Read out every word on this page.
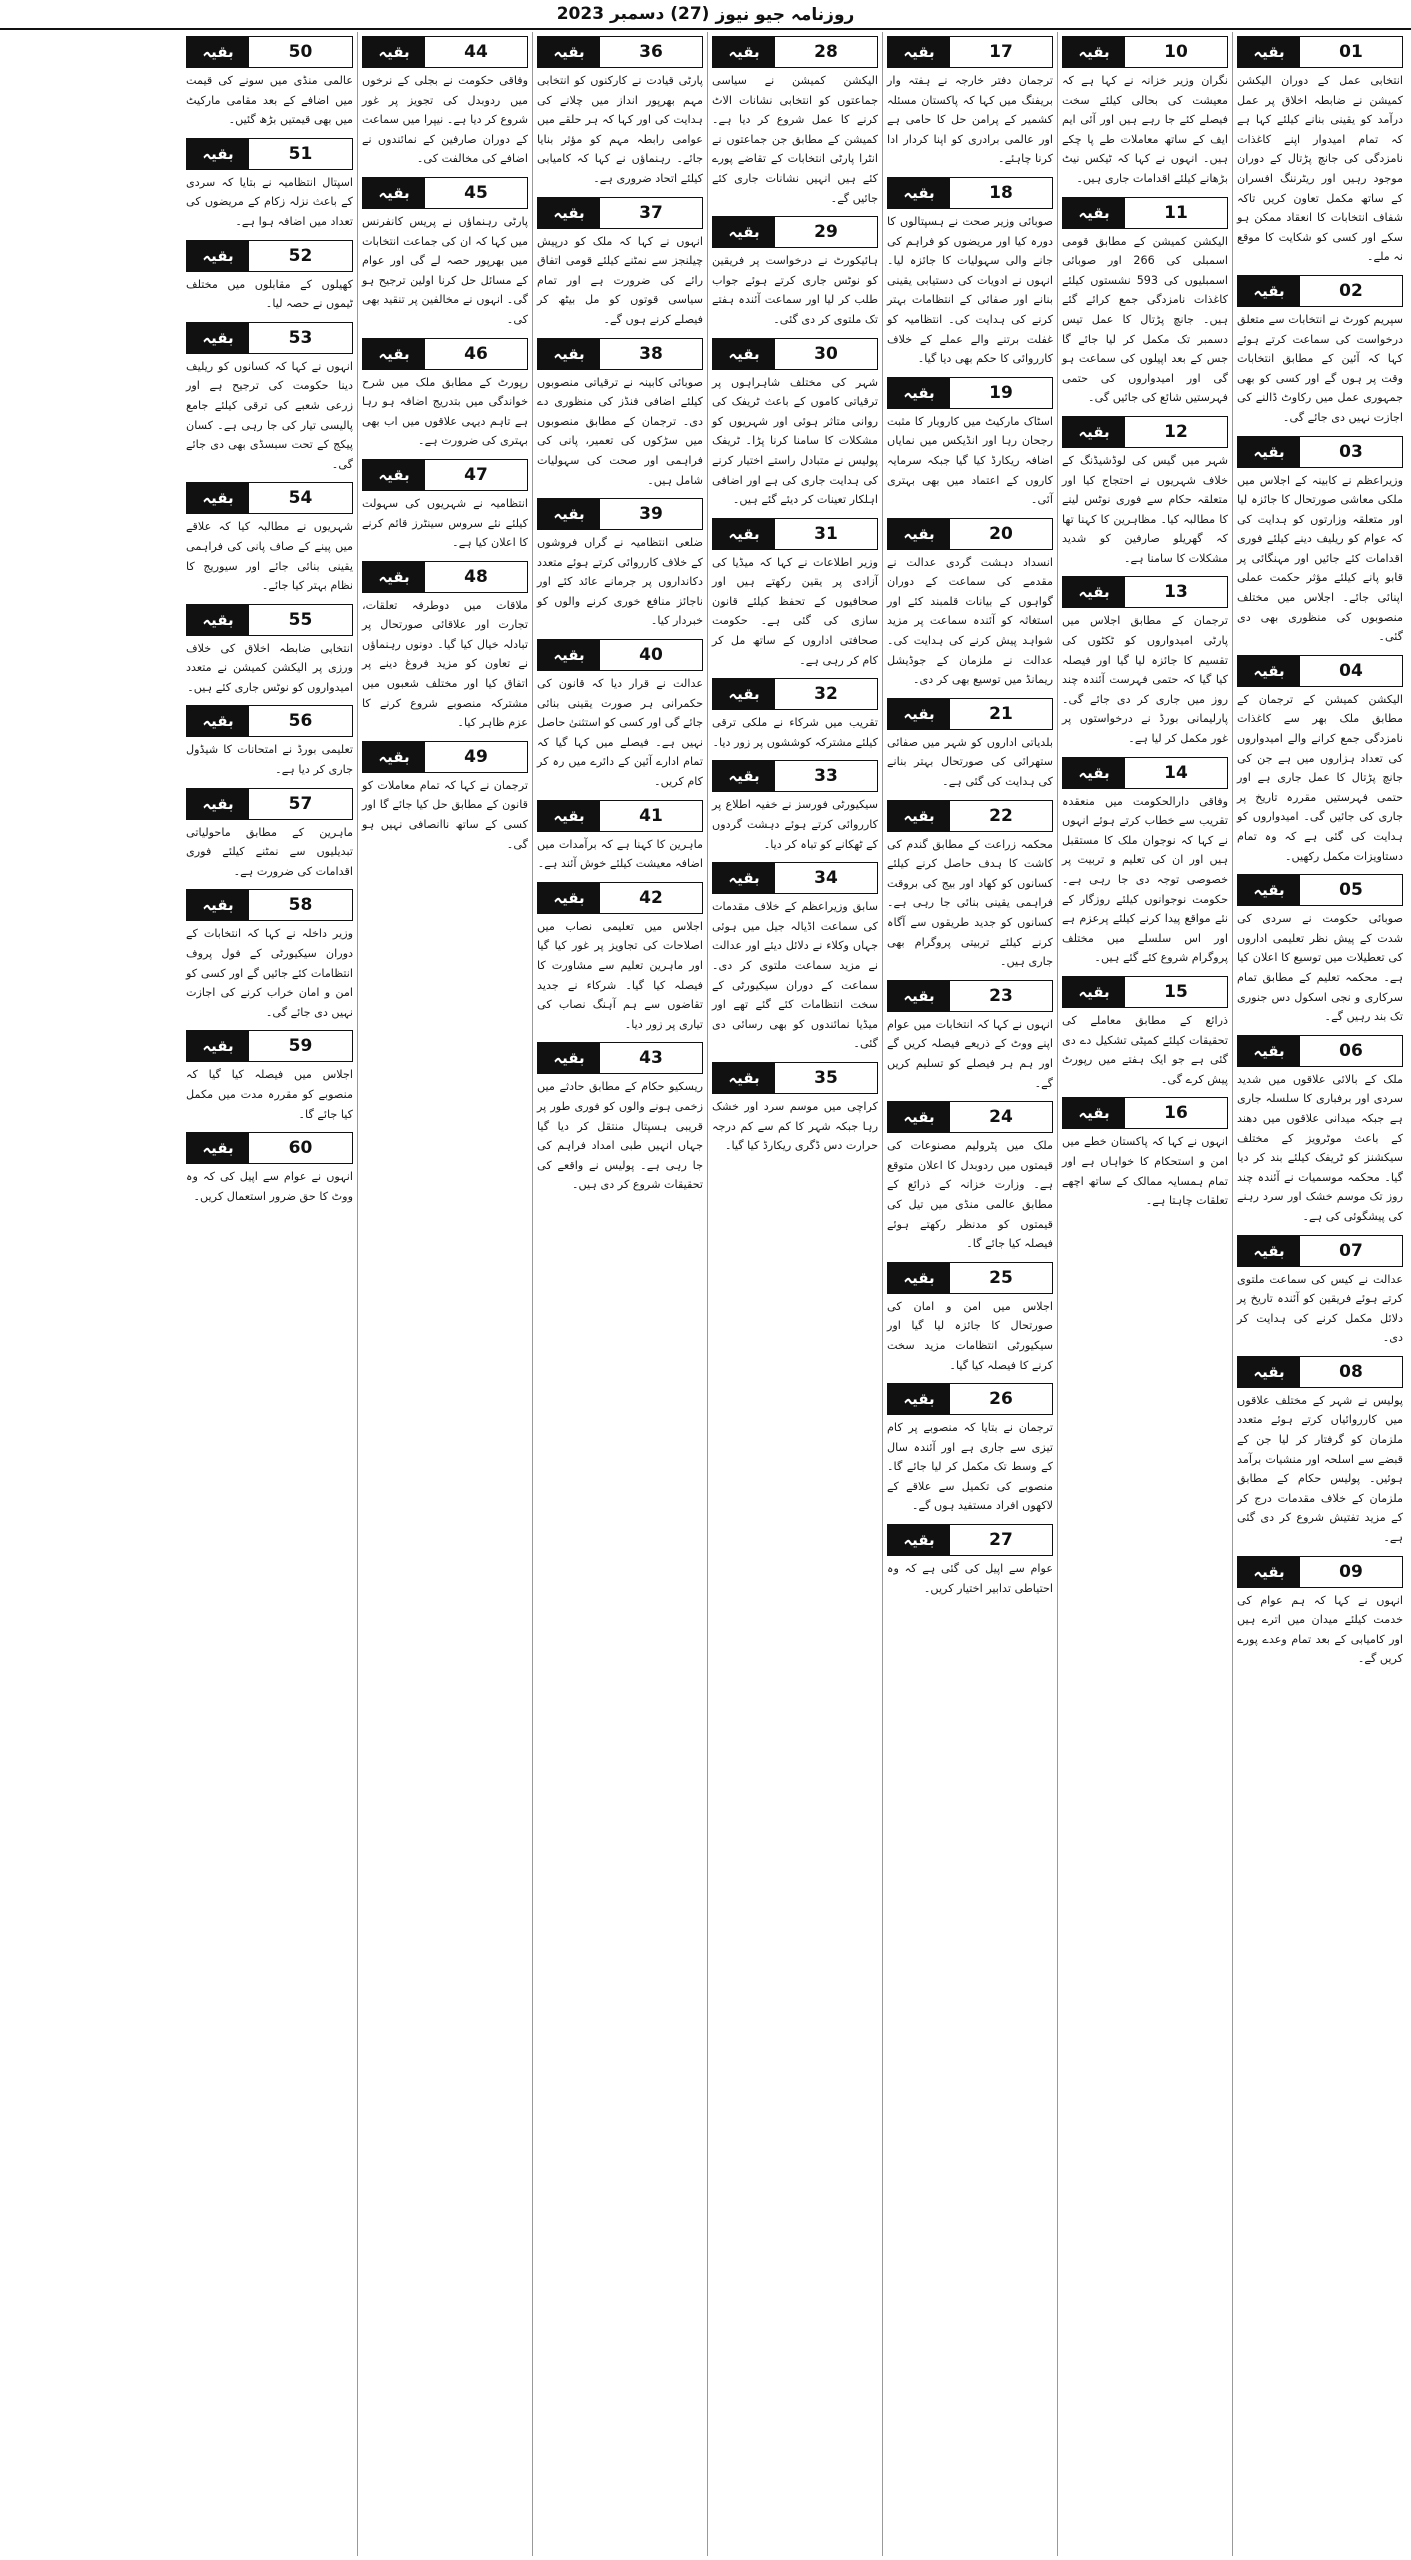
روزنامہ جیو نیوز
(27) دسمبر 2023
بقیہ	01

انتخابی عمل کے دوران الیکشن کمیشن نے ضابطہ اخلاق پر عمل درآمد کو یقینی بنانے کیلئے کہا ہے کہ تمام امیدوار اپنے کاغذات نامزدگی کی جانچ پڑتال کے دوران موجود رہیں اور ریٹرننگ افسران کے ساتھ مکمل تعاون کریں تاکہ شفاف انتخابات کا انعقاد ممکن ہو سکے اور کسی کو شکایت کا موقع نہ ملے۔

بقیہ	02

سپریم کورٹ نے انتخابات سے متعلق درخواست کی سماعت کرتے ہوئے کہا کہ آئین کے مطابق انتخابات وقت پر ہوں گے اور کسی کو بھی جمہوری عمل میں رکاوٹ ڈالنے کی اجازت نہیں دی جائے گی۔

بقیہ	03

وزیراعظم نے کابینہ کے اجلاس میں ملکی معاشی صورتحال کا جائزہ لیا اور متعلقہ وزارتوں کو ہدایت کی کہ عوام کو ریلیف دینے کیلئے فوری اقدامات کئے جائیں اور مہنگائی پر قابو پانے کیلئے مؤثر حکمت عملی اپنائی جائے۔ اجلاس میں مختلف منصوبوں کی منظوری بھی دی گئی۔

بقیہ	04

الیکشن کمیشن کے ترجمان کے مطابق ملک بھر سے کاغذات نامزدگی جمع کرانے والے امیدواروں کی تعداد ہزاروں میں ہے جن کی جانچ پڑتال کا عمل جاری ہے اور حتمی فہرستیں مقررہ تاریخ پر جاری کی جائیں گی۔ امیدواروں کو ہدایت کی گئی ہے کہ وہ تمام دستاویزات مکمل رکھیں۔

بقیہ	05

صوبائی حکومت نے سردی کی شدت کے پیش نظر تعلیمی اداروں کی تعطیلات میں توسیع کا اعلان کیا ہے۔ محکمہ تعلیم کے مطابق تمام سرکاری و نجی اسکول دس جنوری تک بند رہیں گے۔

بقیہ	06

ملک کے بالائی علاقوں میں شدید سردی اور برفباری کا سلسلہ جاری ہے جبکہ میدانی علاقوں میں دھند کے باعث موٹرویز کے مختلف سیکشنز کو ٹریفک کیلئے بند کر دیا گیا۔ محکمہ موسمیات نے آئندہ چند روز تک موسم خشک اور سرد رہنے کی پیشگوئی کی ہے۔

بقیہ	07

عدالت نے کیس کی سماعت ملتوی کرتے ہوئے فریقین کو آئندہ تاریخ پر دلائل مکمل کرنے کی ہدایت کر دی۔

بقیہ	08

پولیس نے شہر کے مختلف علاقوں میں کارروائیاں کرتے ہوئے متعدد ملزمان کو گرفتار کر لیا جن کے قبضے سے اسلحہ اور منشیات برآمد ہوئیں۔ پولیس حکام کے مطابق ملزمان کے خلاف مقدمات درج کر کے مزید تفتیش شروع کر دی گئی ہے۔

بقیہ	09

انہوں نے کہا کہ ہم عوام کی خدمت کیلئے میدان میں اترے ہیں اور کامیابی کے بعد تمام وعدے پورے کریں گے۔

بقیہ	10

نگران وزیر خزانہ نے کہا ہے کہ معیشت کی بحالی کیلئے سخت فیصلے کئے جا رہے ہیں اور آئی ایم ایف کے ساتھ معاملات طے پا چکے ہیں۔ انہوں نے کہا کہ ٹیکس نیٹ بڑھانے کیلئے اقدامات جاری ہیں۔

بقیہ	11

الیکشن کمیشن کے مطابق قومی اسمبلی کی 266 اور صوبائی اسمبلیوں کی 593 نشستوں کیلئے کاغذات نامزدگی جمع کرائے گئے ہیں۔ جانچ پڑتال کا عمل تیس دسمبر تک مکمل کر لیا جائے گا جس کے بعد اپیلوں کی سماعت ہو گی اور امیدواروں کی حتمی فہرستیں شائع کی جائیں گی۔

بقیہ	12

شہر میں گیس کی لوڈشیڈنگ کے خلاف شہریوں نے احتجاج کیا اور متعلقہ حکام سے فوری نوٹس لینے کا مطالبہ کیا۔ مظاہرین کا کہنا تھا کہ گھریلو صارفین کو شدید مشکلات کا سامنا ہے۔

بقیہ	13

ترجمان کے مطابق اجلاس میں پارٹی امیدواروں کو ٹکٹوں کی تقسیم کا جائزہ لیا گیا اور فیصلہ کیا گیا کہ حتمی فہرست آئندہ چند روز میں جاری کر دی جائے گی۔ پارلیمانی بورڈ نے درخواستوں پر غور مکمل کر لیا ہے۔

بقیہ	14

وفاقی دارالحکومت میں منعقدہ تقریب سے خطاب کرتے ہوئے انہوں نے کہا کہ نوجوان ملک کا مستقبل ہیں اور ان کی تعلیم و تربیت پر خصوصی توجہ دی جا رہی ہے۔ حکومت نوجوانوں کیلئے روزگار کے نئے مواقع پیدا کرنے کیلئے پرعزم ہے اور اس سلسلے میں مختلف پروگرام شروع کئے گئے ہیں۔

بقیہ	15

ذرائع کے مطابق معاملے کی تحقیقات کیلئے کمیٹی تشکیل دے دی گئی ہے جو ایک ہفتے میں رپورٹ پیش کرے گی۔

بقیہ	16

انہوں نے کہا کہ پاکستان خطے میں امن و استحکام کا خواہاں ہے اور تمام ہمسایہ ممالک کے ساتھ اچھے تعلقات چاہتا ہے۔

بقیہ	17

ترجمان دفتر خارجہ نے ہفتہ وار بریفنگ میں کہا کہ پاکستان مسئلہ کشمیر کے پرامن حل کا حامی ہے اور عالمی برادری کو اپنا کردار ادا کرنا چاہئے۔

بقیہ	18

صوبائی وزیر صحت نے ہسپتالوں کا دورہ کیا اور مریضوں کو فراہم کی جانے والی سہولیات کا جائزہ لیا۔ انہوں نے ادویات کی دستیابی یقینی بنانے اور صفائی کے انتظامات بہتر کرنے کی ہدایت کی۔ انتظامیہ کو غفلت برتنے والے عملے کے خلاف کارروائی کا حکم بھی دیا گیا۔

بقیہ	19

اسٹاک مارکیٹ میں کاروبار کا مثبت رجحان رہا اور انڈیکس میں نمایاں اضافہ ریکارڈ کیا گیا جبکہ سرمایہ کاروں کے اعتماد میں بھی بہتری آئی۔

بقیہ	20

انسداد دہشت گردی عدالت نے مقدمے کی سماعت کے دوران گواہوں کے بیانات قلمبند کئے اور استغاثہ کو آئندہ سماعت پر مزید شواہد پیش کرنے کی ہدایت کی۔ عدالت نے ملزمان کے جوڈیشل ریمانڈ میں توسیع بھی کر دی۔

بقیہ	21

بلدیاتی اداروں کو شہر میں صفائی ستھرائی کی صورتحال بہتر بنانے کی ہدایت کی گئی ہے۔

بقیہ	22

محکمہ زراعت کے مطابق گندم کی کاشت کا ہدف حاصل کرنے کیلئے کسانوں کو کھاد اور بیج کی بروقت فراہمی یقینی بنائی جا رہی ہے۔ کسانوں کو جدید طریقوں سے آگاہ کرنے کیلئے تربیتی پروگرام بھی جاری ہیں۔

بقیہ	23

انہوں نے کہا کہ انتخابات میں عوام اپنے ووٹ کے ذریعے فیصلہ کریں گے اور ہم ہر فیصلے کو تسلیم کریں گے۔

بقیہ	24

ملک میں پٹرولیم مصنوعات کی قیمتوں میں ردوبدل کا اعلان متوقع ہے۔ وزارت خزانہ کے ذرائع کے مطابق عالمی منڈی میں تیل کی قیمتوں کو مدنظر رکھتے ہوئے فیصلہ کیا جائے گا۔

بقیہ	25

اجلاس میں امن و امان کی صورتحال کا جائزہ لیا گیا اور سیکیورٹی انتظامات مزید سخت کرنے کا فیصلہ کیا گیا۔

بقیہ	26

ترجمان نے بتایا کہ منصوبے پر کام تیزی سے جاری ہے اور آئندہ سال کے وسط تک مکمل کر لیا جائے گا۔ منصوبے کی تکمیل سے علاقے کے لاکھوں افراد مستفید ہوں گے۔

بقیہ	27

عوام سے اپیل کی گئی ہے کہ وہ احتیاطی تدابیر اختیار کریں۔

بقیہ	28

الیکشن کمیشن نے سیاسی جماعتوں کو انتخابی نشانات الاٹ کرنے کا عمل شروع کر دیا ہے۔ کمیشن کے مطابق جن جماعتوں نے انٹرا پارٹی انتخابات کے تقاضے پورے کئے ہیں انہیں نشانات جاری کئے جائیں گے۔

بقیہ	29

ہائیکورٹ نے درخواست پر فریقین کو نوٹس جاری کرتے ہوئے جواب طلب کر لیا اور سماعت آئندہ ہفتے تک ملتوی کر دی گئی۔

بقیہ	30

شہر کی مختلف شاہراہوں پر ترقیاتی کاموں کے باعث ٹریفک کی روانی متاثر ہوئی اور شہریوں کو مشکلات کا سامنا کرنا پڑا۔ ٹریفک پولیس نے متبادل راستے اختیار کرنے کی ہدایت جاری کی ہے اور اضافی اہلکار تعینات کر دیئے گئے ہیں۔

بقیہ	31

وزیر اطلاعات نے کہا کہ میڈیا کی آزادی پر یقین رکھتے ہیں اور صحافیوں کے تحفظ کیلئے قانون سازی کی گئی ہے۔ حکومت صحافتی اداروں کے ساتھ مل کر کام کر رہی ہے۔

بقیہ	32

تقریب میں شرکاء نے ملکی ترقی کیلئے مشترکہ کوششوں پر زور دیا۔

بقیہ	33

سیکیورٹی فورسز نے خفیہ اطلاع پر کارروائی کرتے ہوئے دہشت گردوں کے ٹھکانے کو تباہ کر دیا۔

بقیہ	34

سابق وزیراعظم کے خلاف مقدمات کی سماعت اڈیالہ جیل میں ہوئی جہاں وکلاء نے دلائل دیئے اور عدالت نے مزید سماعت ملتوی کر دی۔ سماعت کے دوران سیکیورٹی کے سخت انتظامات کئے گئے تھے اور میڈیا نمائندوں کو بھی رسائی دی گئی۔

بقیہ	35

کراچی میں موسم سرد اور خشک رہا جبکہ شہر کا کم سے کم درجہ حرارت دس ڈگری ریکارڈ کیا گیا۔

بقیہ	36

پارٹی قیادت نے کارکنوں کو انتخابی مہم بھرپور انداز میں چلانے کی ہدایت کی اور کہا کہ ہر حلقے میں عوامی رابطہ مہم کو مؤثر بنایا جائے۔ رہنماؤں نے کہا کہ کامیابی کیلئے اتحاد ضروری ہے۔

بقیہ	37

انہوں نے کہا کہ ملک کو درپیش چیلنجز سے نمٹنے کیلئے قومی اتفاق رائے کی ضرورت ہے اور تمام سیاسی قوتوں کو مل بیٹھ کر فیصلے کرنے ہوں گے۔

بقیہ	38

صوبائی کابینہ نے ترقیاتی منصوبوں کیلئے اضافی فنڈز کی منظوری دے دی۔ ترجمان کے مطابق منصوبوں میں سڑکوں کی تعمیر، پانی کی فراہمی اور صحت کی سہولیات شامل ہیں۔

بقیہ	39

ضلعی انتظامیہ نے گراں فروشوں کے خلاف کارروائی کرتے ہوئے متعدد دکانداروں پر جرمانے عائد کئے اور ناجائز منافع خوری کرنے والوں کو خبردار کیا۔

بقیہ	40

عدالت نے قرار دیا کہ قانون کی حکمرانی ہر صورت یقینی بنائی جائے گی اور کسی کو استثنیٰ حاصل نہیں ہے۔ فیصلے میں کہا گیا کہ تمام ادارے آئین کے دائرے میں رہ کر کام کریں۔

بقیہ	41

ماہرین کا کہنا ہے کہ برآمدات میں اضافہ معیشت کیلئے خوش آئند ہے۔

بقیہ	42

اجلاس میں تعلیمی نصاب میں اصلاحات کی تجاویز پر غور کیا گیا اور ماہرین تعلیم سے مشاورت کا فیصلہ کیا گیا۔ شرکاء نے جدید تقاضوں سے ہم آہنگ نصاب کی تیاری پر زور دیا۔

بقیہ	43

ریسکیو حکام کے مطابق حادثے میں زخمی ہونے والوں کو فوری طور پر قریبی ہسپتال منتقل کر دیا گیا جہاں انہیں طبی امداد فراہم کی جا رہی ہے۔ پولیس نے واقعے کی تحقیقات شروع کر دی ہیں۔

بقیہ	44

وفاقی حکومت نے بجلی کے نرخوں میں ردوبدل کی تجویز پر غور شروع کر دیا ہے۔ نیپرا میں سماعت کے دوران صارفین کے نمائندوں نے اضافے کی مخالفت کی۔

بقیہ	45

پارٹی رہنماؤں نے پریس کانفرنس میں کہا کہ ان کی جماعت انتخابات میں بھرپور حصہ لے گی اور عوام کے مسائل حل کرنا اولین ترجیح ہو گی۔ انہوں نے مخالفین پر تنقید بھی کی۔

بقیہ	46

رپورٹ کے مطابق ملک میں شرح خواندگی میں بتدریج اضافہ ہو رہا ہے تاہم دیہی علاقوں میں اب بھی بہتری کی ضرورت ہے۔

بقیہ	47

انتظامیہ نے شہریوں کی سہولت کیلئے نئے سروس سینٹرز قائم کرنے کا اعلان کیا ہے۔

بقیہ	48

ملاقات میں دوطرفہ تعلقات، تجارت اور علاقائی صورتحال پر تبادلہ خیال کیا گیا۔ دونوں رہنماؤں نے تعاون کو مزید فروغ دینے پر اتفاق کیا اور مختلف شعبوں میں مشترکہ منصوبے شروع کرنے کا عزم ظاہر کیا۔

بقیہ	49

ترجمان نے کہا کہ تمام معاملات کو قانون کے مطابق حل کیا جائے گا اور کسی کے ساتھ ناانصافی نہیں ہو گی۔

بقیہ	50

عالمی منڈی میں سونے کی قیمت میں اضافے کے بعد مقامی مارکیٹ میں بھی قیمتیں بڑھ گئیں۔

بقیہ	51

اسپتال انتظامیہ نے بتایا کہ سردی کے باعث نزلہ زکام کے مریضوں کی تعداد میں اضافہ ہوا ہے۔

بقیہ	52

کھیلوں کے مقابلوں میں مختلف ٹیموں نے حصہ لیا۔

بقیہ	53

انہوں نے کہا کہ کسانوں کو ریلیف دینا حکومت کی ترجیح ہے اور زرعی شعبے کی ترقی کیلئے جامع پالیسی تیار کی جا رہی ہے۔ کسان پیکج کے تحت سبسڈی بھی دی جائے گی۔

بقیہ	54

شہریوں نے مطالبہ کیا کہ علاقے میں پینے کے صاف پانی کی فراہمی یقینی بنائی جائے اور سیوریج کا نظام بہتر کیا جائے۔

بقیہ	55

انتخابی ضابطہ اخلاق کی خلاف ورزی پر الیکشن کمیشن نے متعدد امیدواروں کو نوٹس جاری کئے ہیں۔

بقیہ	56

تعلیمی بورڈ نے امتحانات کا شیڈول جاری کر دیا ہے۔

بقیہ	57

ماہرین کے مطابق ماحولیاتی تبدیلیوں سے نمٹنے کیلئے فوری اقدامات کی ضرورت ہے۔

بقیہ	58

وزیر داخلہ نے کہا کہ انتخابات کے دوران سیکیورٹی کے فول پروف انتظامات کئے جائیں گے اور کسی کو امن و امان خراب کرنے کی اجازت نہیں دی جائے گی۔

بقیہ	59

اجلاس میں فیصلہ کیا گیا کہ منصوبے کو مقررہ مدت میں مکمل کیا جائے گا۔

بقیہ	60

انہوں نے عوام سے اپیل کی کہ وہ ووٹ کا حق ضرور استعمال کریں۔
